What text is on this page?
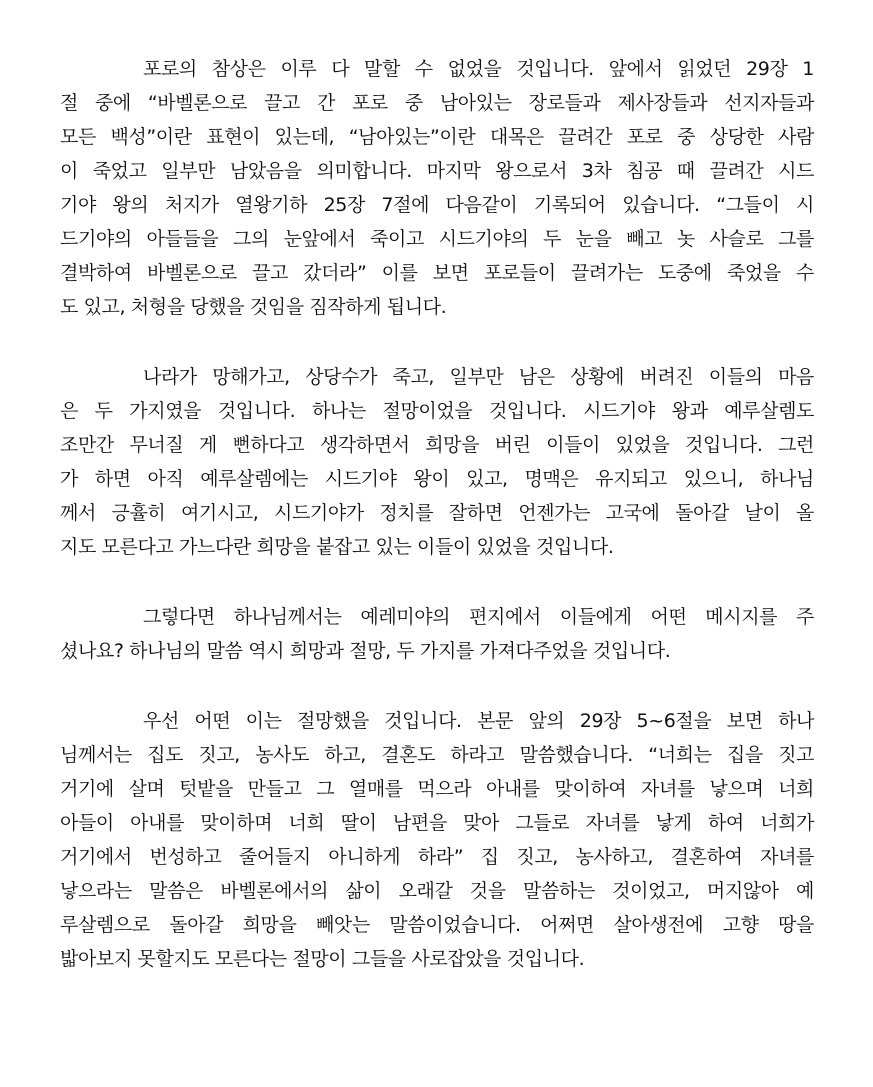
포로의 참상은 이루 다 말할 수 없었을 것입니다. 앞에서 읽었던 29장 1
절 중에 “바벨론으로 끌고 간 포로 중 남아있는 장로들과 제사장들과 선지자들과
모든 백성”이란 표현이 있는데, “남아있는”이란 대목은 끌려간 포로 중 상당한 사람
이 죽었고 일부만 남았음을 의미합니다. 마지막 왕으로서 3차 침공 때 끌려간 시드
기야 왕의 처지가 열왕기하 25장 7절에 다음같이 기록되어 있습니다. “그들이 시
드기야의 아들들을 그의 눈앞에서 죽이고 시드기야의 두 눈을 빼고 놋 사슬로 그를
결박하여 바벨론으로 끌고 갔더라” 이를 보면 포로들이 끌려가는 도중에 죽었을 수
도 있고, 처형을 당했을 것임을 짐작하게 됩니다.
나라가 망해가고, 상당수가 죽고, 일부만 남은 상황에 버려진 이들의 마음
은 두 가지였을 것입니다. 하나는 절망이었을 것입니다. 시드기야 왕과 예루살렘도
조만간 무너질 게 뻔하다고 생각하면서 희망을 버린 이들이 있었을 것입니다. 그런
가 하면 아직 예루살렘에는 시드기야 왕이 있고, 명맥은 유지되고 있으니, 하나님
께서 긍휼히 여기시고, 시드기야가 정치를 잘하면 언젠가는 고국에 돌아갈 날이 올
지도 모른다고 가느다란 희망을 붙잡고 있는 이들이 있었을 것입니다.
그렇다면 하나님께서는 예레미야의 편지에서 이들에게 어떤 메시지를 주
셨나요? 하나님의 말씀 역시 희망과 절망, 두 가지를 가져다주었을 것입니다.
우선 어떤 이는 절망했을 것입니다. 본문 앞의 29장 5~6절을 보면 하나
님께서는 집도 짓고, 농사도 하고, 결혼도 하라고 말씀했습니다. “너희는 집을 짓고
거기에 살며 텃밭을 만들고 그 열매를 먹으라 아내를 맞이하여 자녀를 낳으며 너희
아들이 아내를 맞이하며 너희 딸이 남편을 맞아 그들로 자녀를 낳게 하여 너희가
거기에서 번성하고 줄어들지 아니하게 하라” 집 짓고, 농사하고, 결혼하여 자녀를
낳으라는 말씀은 바벨론에서의 삶이 오래갈 것을 말씀하는 것이었고, 머지않아 예
루살렘으로 돌아갈 희망을 빼앗는 말씀이었습니다. 어쩌면 살아생전에 고향 땅을
밟아보지 못할지도 모른다는 절망이 그들을 사로잡았을 것입니다.
